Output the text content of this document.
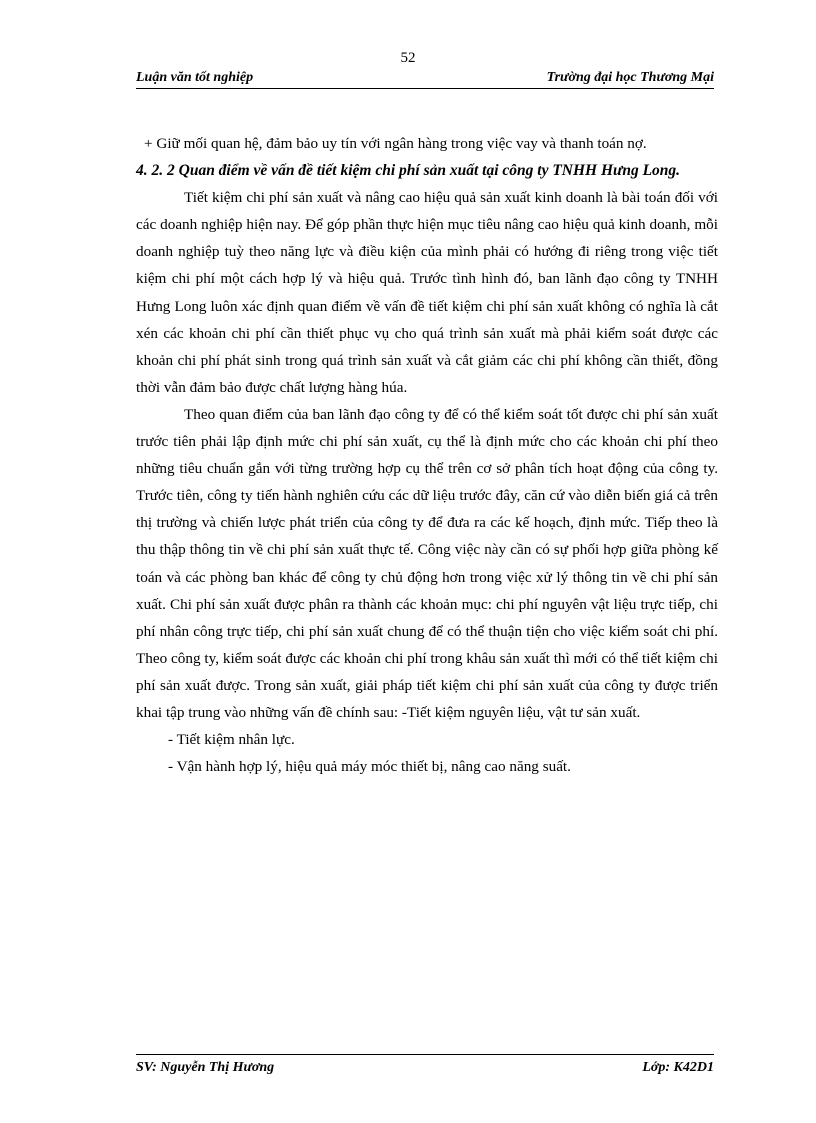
52
Luận văn tốt nghiệp	Trường đại học Thương Mại

+ Giữ mối quan hệ, đảm bảo uy tín với ngân hàng trong việc vay và thanh toán nợ.

4. 2. 2 Quan điểm về vấn đề tiết kiệm chi phí sản xuất tại công ty TNHH Hưng Long.

Tiết kiệm chi phí sản xuất và nâng cao hiệu quả sản xuất kinh doanh là bài toán đối với các doanh nghiệp hiện nay. Để góp phần thực hiện mục tiêu nâng cao hiệu quả kinh doanh, mỗi doanh nghiệp tuỳ theo năng lực và điều kiện của mình phải có hướng đi riêng trong việc tiết kiệm chi phí một cách hợp lý và hiệu quả. Trước tình hình đó, ban lãnh đạo công ty TNHH Hưng Long luôn xác định quan điểm về vấn đề tiết kiệm chi phí sản xuất không có nghĩa là cắt xén các khoản chi phí cần thiết phục vụ cho quá trình sản xuất mà phải kiểm soát được các khoản chi phí phát sinh trong quá trình sản xuất và cắt giảm các chi phí không cần thiết, đồng thời vẫn đảm bảo được chất lượng hàng húa.

Theo quan điểm của ban lãnh đạo công ty để có thể kiểm soát tốt được chi phí sản xuất trước tiên phải lập định mức chi phí sản xuất, cụ thể là định mức cho các khoản chi phí theo những tiêu chuẩn gắn với từng trường hợp cụ thể trên cơ sở phân tích hoạt động của công ty. Trước tiên, công ty tiến hành nghiên cứu các dữ liệu trước đây, căn cứ vào diễn biến giá cả trên thị trường và chiến lược phát triển của công ty để đưa ra các kế hoạch, định mức. Tiếp theo là thu thập thông tin về chi phí sản xuất thực tế. Công việc này cần có sự phối hợp giữa phòng kế toán và các phòng ban khác để công ty chủ động hơn trong việc xử lý thông tin về chi phí sản xuất. Chi phí sản xuất được phân ra thành các khoản mục: chi phí nguyên vật liệu trực tiếp, chi phí nhân công trực tiếp, chi phí sản xuất chung để có thể thuận tiện cho việc kiểm soát chi phí. Theo công ty, kiểm soát được các khoản chi phí trong khâu sản xuất thì mới có thể tiết kiệm chi phí sản xuất được. Trong sản xuất, giải pháp tiết kiệm chi phí sản xuất của công ty được triển khai tập trung vào những vấn đề chính sau: -Tiết kiệm nguyên liệu, vật tư sản xuất.

- Tiết kiệm nhân lực.

- Vận hành hợp lý, hiệu quả máy móc thiết bị, nâng cao năng suất.

SV: Nguyễn Thị Hương	Lớp: K42D1
